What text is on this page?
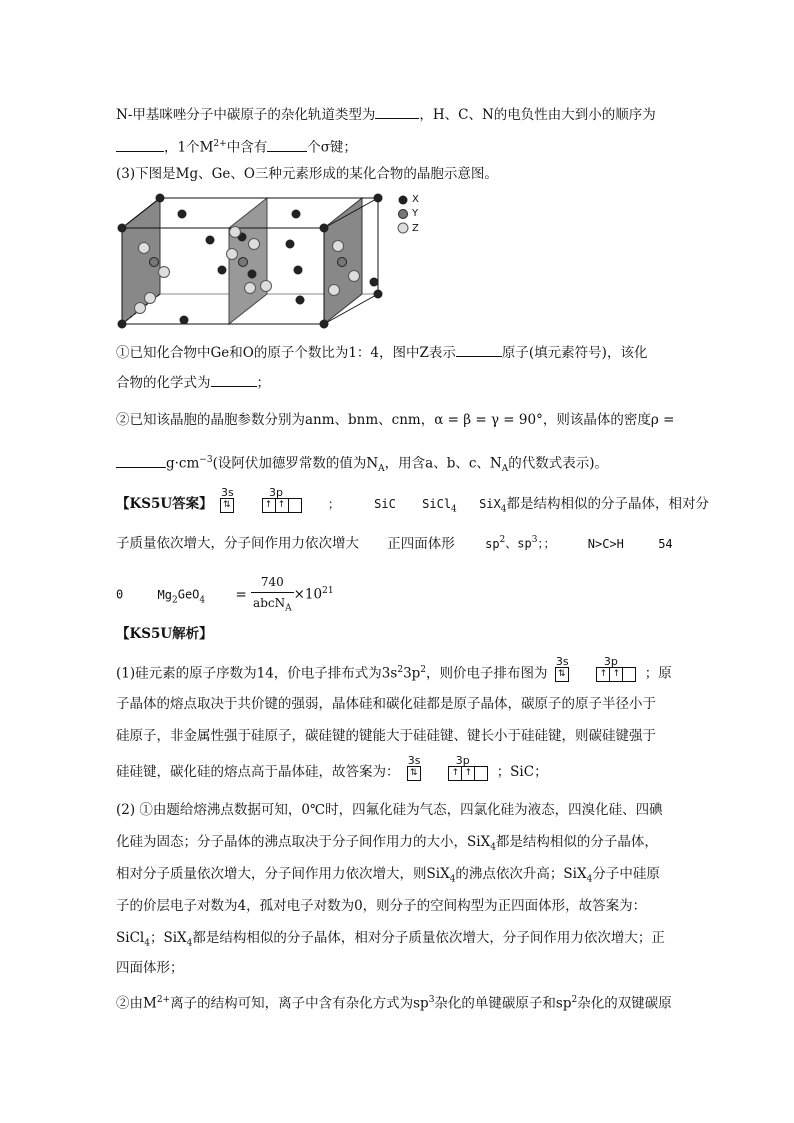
N-甲基咪唑分子中碳原子的杂化轨道类型为	，H、C、N的电负性由大到小的顺序为
，1个$M^{2+}$中含有	个σ键；
(3)下图是Mg、Ge、O三种元素形成的某化合物的晶胞示意图。
X
Y
Z
①已知化合物中Ge和O的原子个数比为1：4，图中Z表示	原子(填元素符号)，该化
合物的化学式为	；
②已知该晶胞的晶胞参数分别为anm、bnm、cnm，α = β = γ = 90°，则该晶体的密度ρ =
$g\cdot cm^{-3}$(设阿伏加德罗常数的值为$N_A$，用含a、b、c、$N_A$的代数式表示)。
【KS5U答案】
3s	3p
⇅	↑ ↑	；	SiC SiCl$_4$ SiX$_4$都是结构相似的分子晶体，相对分
子质量依次增大，分子间作用力依次增大 正四面体形	$sp^2$、$sp^3$；；	N>C>H	54
0	$Mg_2GeO_4 = \frac{740}{abcN_A} \times 10^{21}$
【KS5U解析】
(1)硅元素的原子序数为14，价电子排布式为$3s^23p^2$，则价电子排布图为
3s	3p
⇅	↑ ↑ ；原
子晶体的熔点取决于共价键的强弱，晶体硅和碳化硅都是原子晶体，碳原子的原子半径小于
硅原子，非金属性强于硅原子，碳硅键的键能大于硅硅键、键长小于硅硅键，则碳硅键强于
硅硅键，碳化硅的熔点高于晶体硅，故答案为：
3s	3p
⇅	↑ ↑ ；SiC；
(2) ①由题给熔沸点数据可知，0℃时，四氟化硅为气态，四氯化硅为液态，四溴化硅、四碘
化硅为固态；分子晶体的沸点取决于分子间作用力的大小，SiX$_4$都是结构相似的分子晶体，
相对分子质量依次增大，分子间作用力依次增大，则SiX$_4$的沸点依次升高；SiX$_4$分子中硅原
子的价层电子对数为4，孤对电子对数为0，则分子的空间构型为正四面体形，故答案为：
SiCl$_4$；SiX$_4$都是结构相似的分子晶体，相对分子质量依次增大，分子间作用力依次增大；正
四面体形；
②由$M^{2+}$离子的结构可知，离子中含有杂化方式为$sp^3$杂化的单键碳原子和$sp^2$杂化的双键碳原
